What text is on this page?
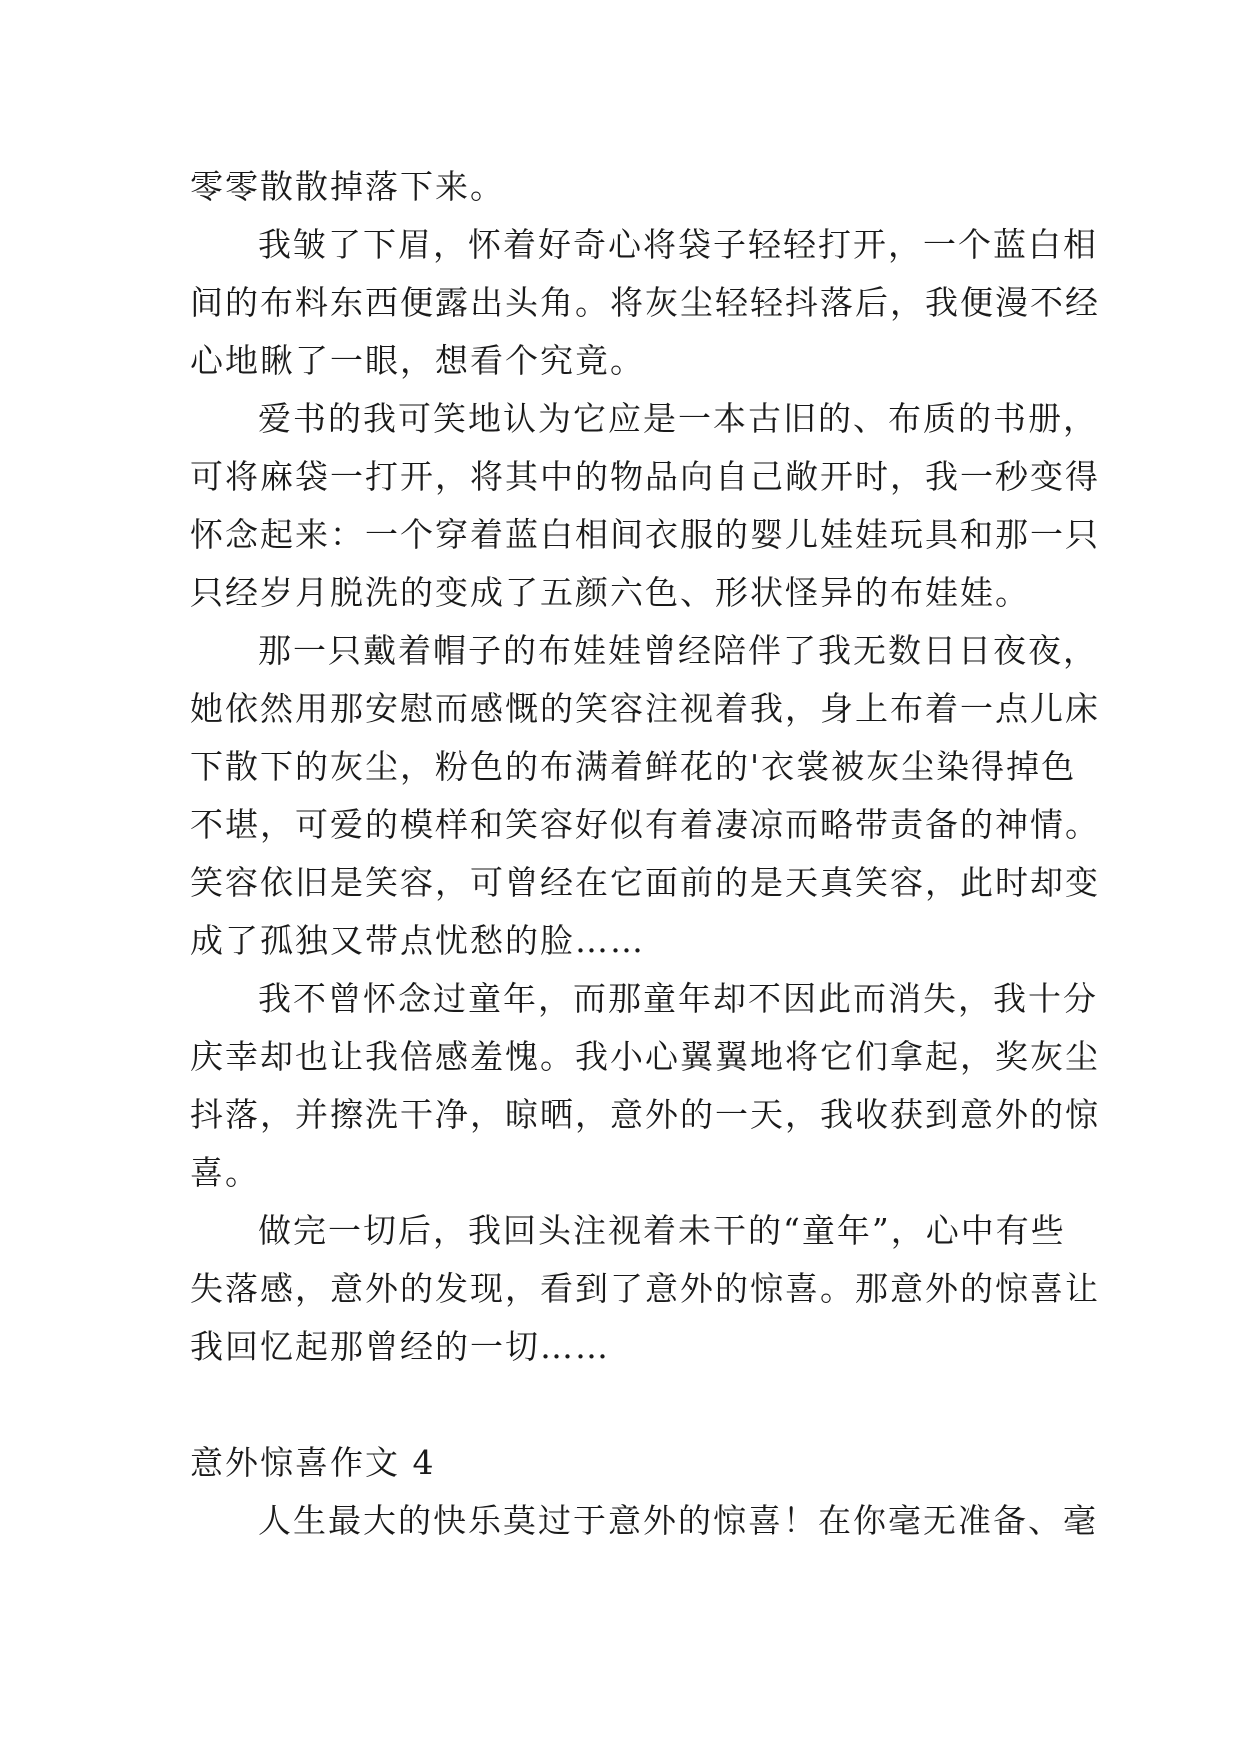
零零散散掉落下来。
我皱了下眉，怀着好奇心将袋子轻轻打开，一个蓝白相
间的布料东西便露出头角。将灰尘轻轻抖落后，我便漫不经
心地瞅了一眼，想看个究竟。
爱书的我可笑地认为它应是一本古旧的、布质的书册，
可将麻袋一打开，将其中的物品向自己敞开时，我一秒变得
怀念起来：一个穿着蓝白相间衣服的婴儿娃娃玩具和那一只
只经岁月脱洗的变成了五颜六色、形状怪异的布娃娃。
那一只戴着帽子的布娃娃曾经陪伴了我无数日日夜夜，
她依然用那安慰而感慨的笑容注视着我，身上布着一点儿床
下散下的灰尘，粉色的布满着鲜花的'衣裳被灰尘染得掉色
不堪，可爱的模样和笑容好似有着凄凉而略带责备的神情。
笑容依旧是笑容，可曾经在它面前的是天真笑容，此时却变
成了孤独又带点忧愁的脸……
我不曾怀念过童年，而那童年却不因此而消失，我十分
庆幸却也让我倍感羞愧。我小心翼翼地将它们拿起，奖灰尘
抖落，并擦洗干净，晾晒，意外的一天，我收获到意外的惊
喜。
做完一切后，我回头注视着未干的“童年”，心中有些
失落感，意外的发现，看到了意外的惊喜。那意外的惊喜让
我回忆起那曾经的一切……
意外惊喜作文 4
人生最大的快乐莫过于意外的惊喜！在你毫无准备、毫
